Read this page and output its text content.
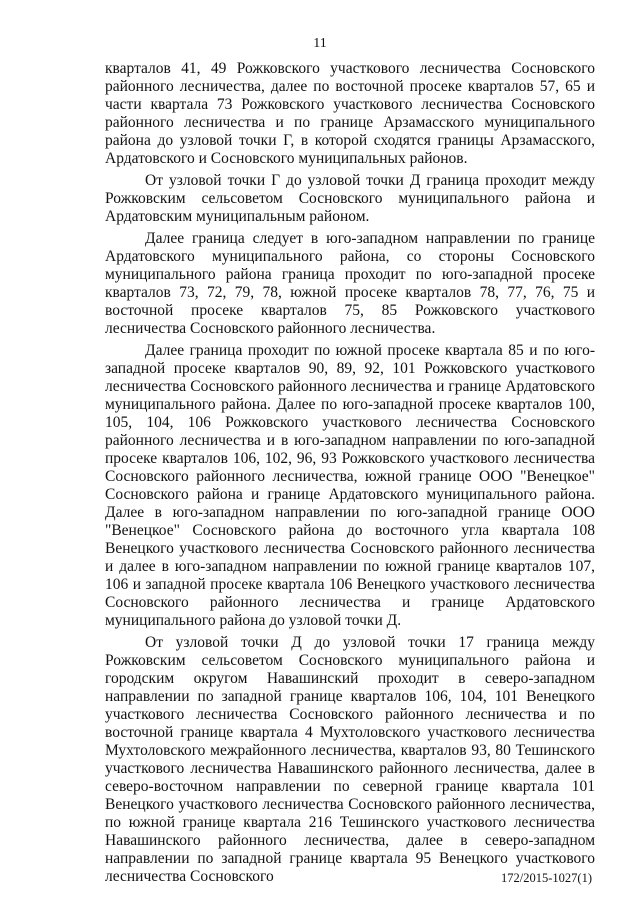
11

кварталов 41, 49 Рожковского участкового лесничества Сосновского районного лесничества, далее по восточной просеке кварталов 57, 65 и части квартала 73 Рожковского участкового лесничества Сосновского районного лесничества и по границе Арзамасского муниципального района до узловой точки Г, в которой сходятся границы Арзамасского, Ардатовского и Сосновского муниципальных районов.

От узловой точки Г до узловой точки Д граница проходит между Рожковским сельсоветом Сосновского муниципального района и Ардатовским муниципальным районом.

Далее граница следует в юго-западном направлении по границе Ардатовского муниципального района, со стороны Сосновского муниципального района граница проходит по юго-западной просеке кварталов 73, 72, 79, 78, южной просеке кварталов 78, 77, 76, 75 и восточной просеке кварталов 75, 85 Рожковского участкового лесничества Сосновского районного лесничества.

Далее граница проходит по южной просеке квартала 85 и по юго-западной просеке кварталов 90, 89, 92, 101 Рожковского участкового лесничества Сосновского районного лесничества и границе Ардатовского муниципального района. Далее по юго-западной просеке кварталов 100, 105, 104, 106 Рожковского участкового лесничества Сосновского районного лесничества и в юго-западном направлении по юго-западной просеке кварталов 106, 102, 96, 93 Рожковского участкового лесничества Сосновского районного лесничества, южной границе ООО "Венецкое" Сосновского района и границе Ардатовского муниципального района. Далее в юго-западном направлении по юго-западной границе ООО "Венецкое" Сосновского района до восточного угла квартала 108 Венецкого участкового лесничества Сосновского районного лесничества и далее в юго-западном направлении по южной границе кварталов 107, 106 и западной просеке квартала 106 Венецкого участкового лесничества Сосновского районного лесничества и границе Ардатовского муниципального района до узловой точки Д.

От узловой точки Д до узловой точки 17 граница между Рожковским сельсоветом Сосновского муниципального района и городским округом Навашинский проходит в северо-западном направлении по западной границе кварталов 106, 104, 101 Венецкого участкового лесничества Сосновского районного лесничества и по восточной границе квартала 4 Мухтоловского участкового лесничества Мухтоловского межрайонного лесничества, кварталов 93, 80 Тешинского участкового лесничества Навашинского районного лесничества, далее в северо-восточном направлении по северной границе квартала 101 Венецкого участкового лесничества Сосновского районного лесничества, по южной границе квартала 216 Тешинского участкового лесничества Навашинского районного лесничества, далее в северо-западном направлении по западной границе квартала 95 Венецкого участкового лесничества Сосновского	172/2015-1027(1)
